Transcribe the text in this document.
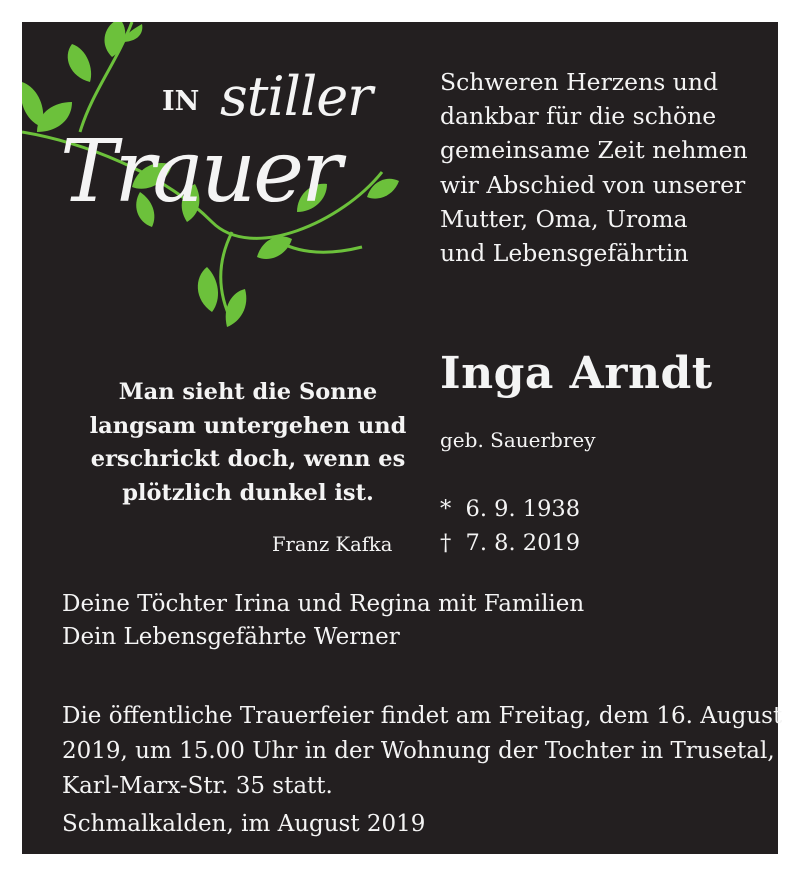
IN stiller
Trauer
Schweren Herzens und
dankbar für die schöne
gemeinsame Zeit nehmen
wir Abschied von unserer
Mutter, Oma, Uroma
und Lebensgefährtin
Inga Arndt
geb. Sauerbrey
*  6. 9. 1938
†  7. 8. 2019
Man sieht die Sonne langsam untergehen und erschrickt doch, wenn es plötzlich dunkel ist.
Franz Kafka
Deine Töchter Irina und Regina mit Familien
Dein Lebensgefährte Werner
Die öffentliche Trauerfeier findet am Freitag, dem 16. August
2019, um 15.00 Uhr in der Wohnung der Tochter in Trusetal,
Karl-Marx-Str. 35 statt.
Schmalkalden, im August 2019
